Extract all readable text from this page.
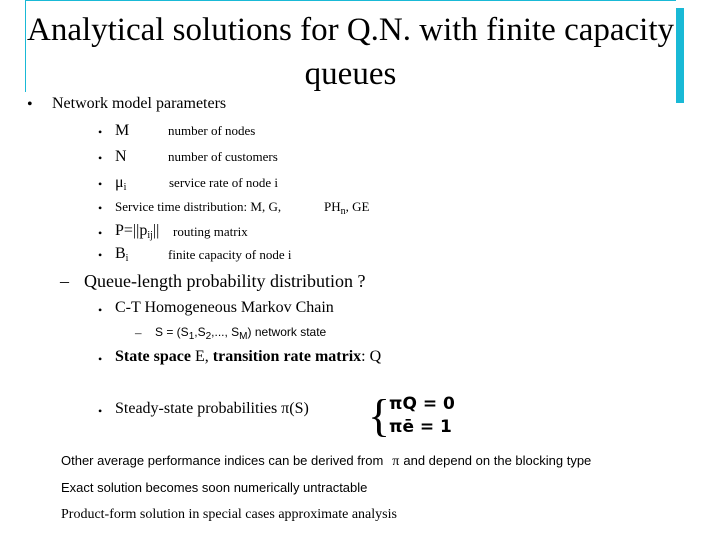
Analytical solutions for Q.N. with finite capacity queues
• Network model parameters
• M	number of nodes
• N	number of customers
• $\mu_i$	service rate of node i
• Service time distribution: M, G,	$PH_n$, GE
• $P=||p_{ij}||$ routing matrix
• $B_i$	finite capacity of node i
– Queue-length probability distribution ?
• C-T Homogeneous Markov Chain
– $S = (S_1,S_2$,..., $S_M$) network state
• State space E, transition rate matrix: Q
• Steady-state probabilities π(S) {
πQ = 0
πē = 1
Other average performance indices can be derived from π and depend on the blocking type
Exact solution becomes soon numerically untractable
Product-form solution in special cases approximate analysis
